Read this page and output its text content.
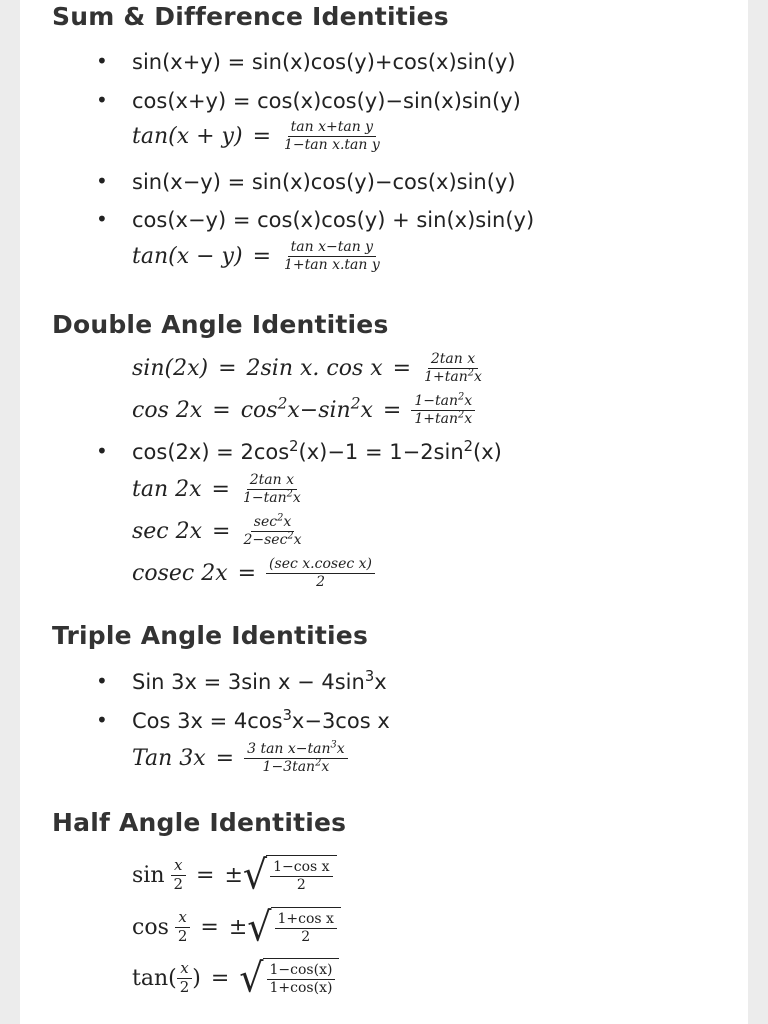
Sum & Difference Identities
• sin(x+y) = sin(x)cos(y)+cos(x)sin(y)
• cos(x+y) = cos(x)cos(y)−sin(x)sin(y)
$\tan(x + y) = \frac{\text{tan x+tan y}}{\text{1−tan x.tan y}}$
• sin(x−y) = sin(x)cos(y)−cos(x)sin(y)
• cos(x−y) = cos(x)cos(y) + sin(x)sin(y)
$\tan(x - y) = \frac{\text{tan x−tan y}}{\text{1+tan x.tan y}}$
Double Angle Identities
sin(2x) = 2sin x. $\cos x = \frac{\text{2tan x}}{1+\tan^2x}$
$\cos 2x = \cos^2x-\sin^2x = \frac{1-\tan^2x}{1+\tan^2x}$
• $\cos(2x) = 2\cos^2(x)-1 = 1-2\sin^2(x)$
$\tan 2x = \frac{\text{2tan x}}{1-\tan^2x}$
$\sec 2x = \frac{\sec^2x}{2-\sec^2x}$
cosec $2x = \frac{\text{(sec x.cosec x)}}{2}$
Triple Angle Identities
• Sin 3x = 3sin $x - 4\sin^3x$
• Cos $3x = 4\cos^3x-3\cos$ x
Tan $3x = \frac{3 \tan x-\tan^3x}{1-3\tan^2x}$
Half Angle Identities
$\sin \frac{x}{2}$ = ± √ $\frac{\text{1−cos x}}{2}$
$\cos \frac{x}{2}$ = ± √ $\frac{\text{1+cos x}}{2}$
$\tan( \frac{x}{2}$ ) = √ $\frac{1-\cos(x)}{1+\cos(x)}$
